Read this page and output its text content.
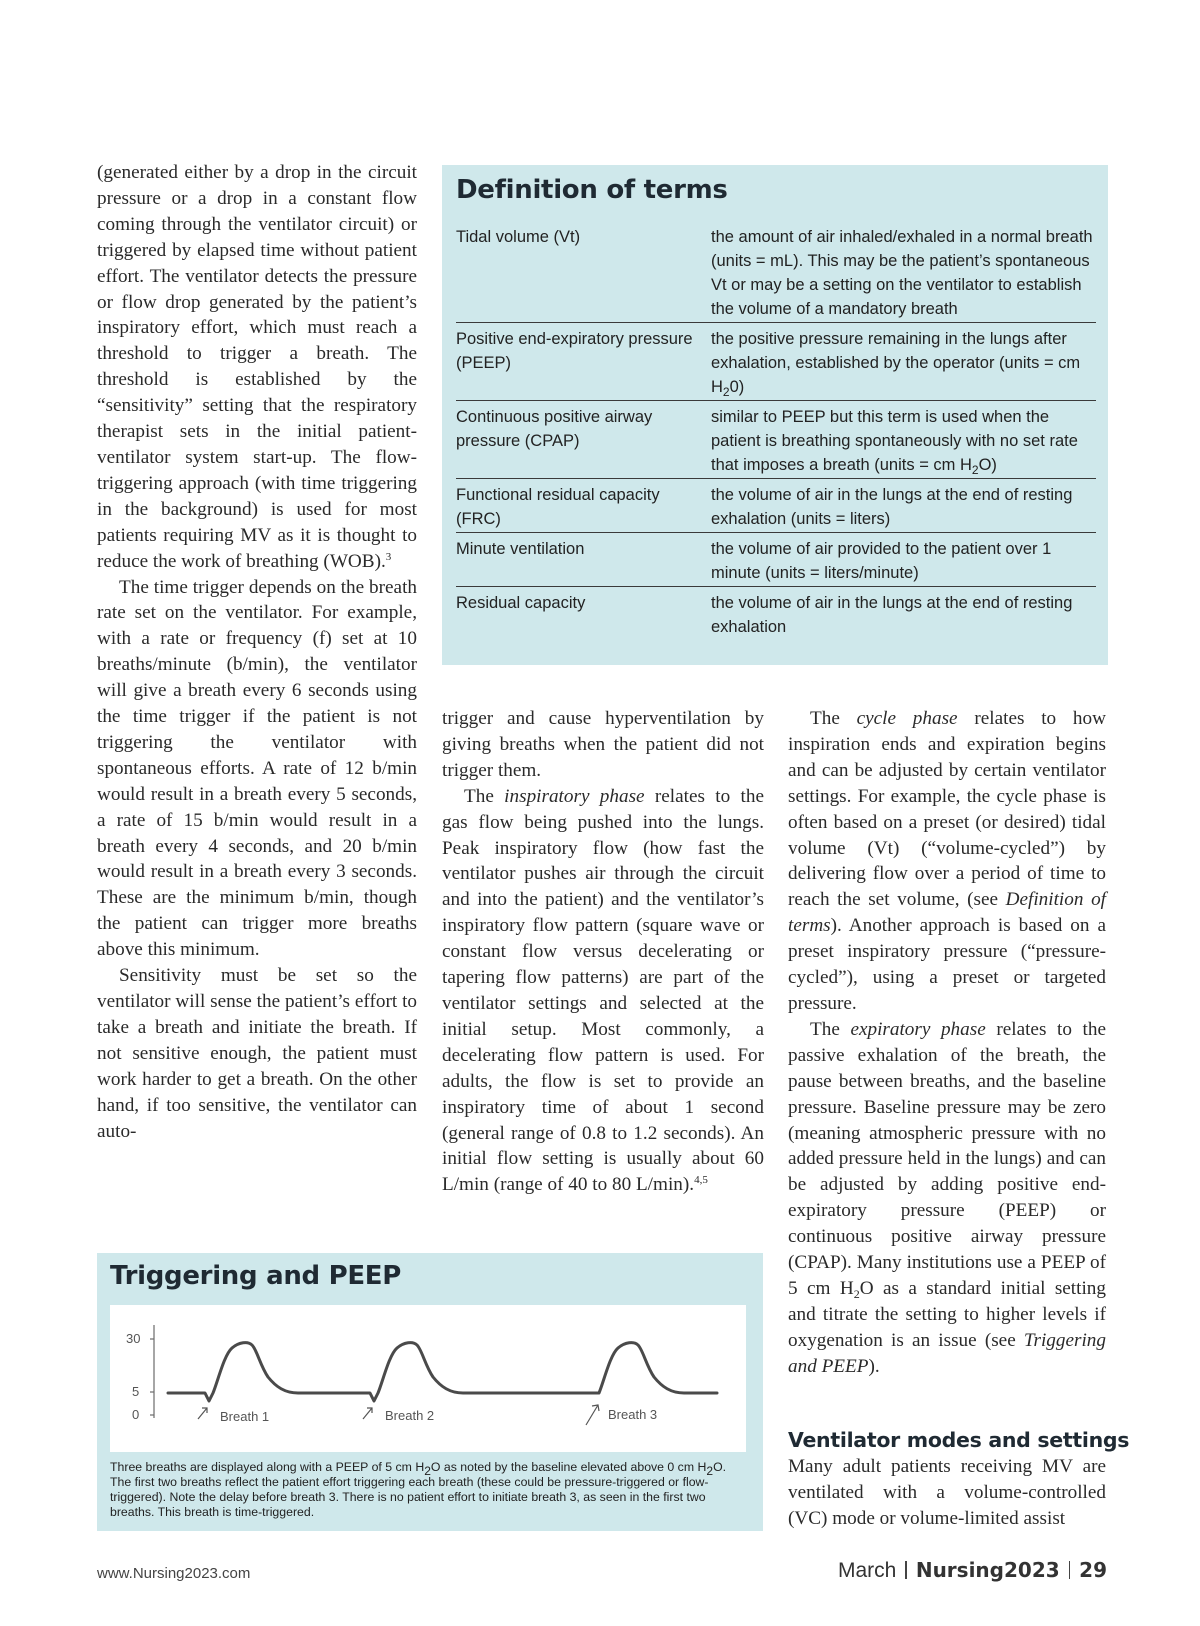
(generated either by a drop in the circuit pressure or a drop in a constant flow coming through the ventilator circuit) or triggered by elapsed time without patient effort. The ventilator detects the pressure or flow drop generated by the patient’s inspiratory effort, which must reach a threshold to trigger a breath. The threshold is established by the “sensitivity” setting that the respiratory therapist sets in the initial patient-ventilator system start-up. The flow-triggering approach (with time triggering in the background) is used for most patients requiring MV as it is thought to reduce the work of breathing (WOB).$^3$

The time trigger depends on the breath rate set on the ventilator. For example, with a rate or frequency (f) set at 10 breaths/minute (b/min), the ventilator will give a breath every 6 seconds using the time trigger if the patient is not triggering the ventilator with spontaneous efforts. A rate of 12 b/min would result in a breath every 5 seconds, a rate of 15 b/min would result in a breath every 4 seconds, and 20 b/min would result in a breath every 3 seconds. These are the minimum b/min, though the patient can trigger more breaths above this minimum.

Sensitivity must be set so the ventilator will sense the patient’s effort to take a breath and initiate the breath. If not sensitive enough, the patient must work harder to get a breath. On the other hand, if too sensitive, the ventilator can auto-

Definition of terms
Tidal volume (Vt)	the amount of air inhaled/exhaled in a normal breath (units = mL). This may be the patient’s spontaneous Vt or may be a setting on the ventilator to establish the volume of a mandatory breath
Positive end-expiratory pressure (PEEP)	the positive pressure remaining in the lungs after exhalation, established by the operator (units = cm $H_20$)
Continuous positive airway pressure (CPAP)	similar to PEEP but this term is used when the patient is breathing spontaneously with no set rate that imposes a breath (units = cm $H_2O$)
Functional residual capacity (FRC)	the volume of air in the lungs at the end of resting exhalation (units = liters)
Minute ventilation	the volume of air provided to the patient over 1 minute (units = liters/minute)
Residual capacity	the volume of air in the lungs at the end of resting exhalation

trigger and cause hyperventilation by giving breaths when the patient did not trigger them.

The inspiratory phase relates to the gas flow being pushed into the lungs. Peak inspiratory flow (how fast the ventilator pushes air through the circuit and into the patient) and the ventilator’s inspiratory flow pattern (square wave or constant flow versus decelerating or tapering flow patterns) are part of the ventilator settings and selected at the initial setup. Most commonly, a decelerating flow pattern is used. For adults, the flow is set to provide an inspiratory time of about 1 second (general range of 0.8 to 1.2 seconds). An initial flow setting is usually about 60 L/min (range of 40 to 80 L/min).$^{4,5}$

The cycle phase relates to how inspiration ends and expiration begins and can be adjusted by certain ventilator settings. For example, the cycle phase is often based on a preset (or desired) tidal volume (Vt) (“volume-cycled”) by delivering flow over a period of time to reach the set volume, (see Definition of terms). Another approach is based on a preset inspiratory pressure (“pressure-cycled”), using a preset or targeted pressure.

The expiratory phase relates to the passive exhalation of the breath, the pause between breaths, and the baseline pressure. Baseline pressure may be zero (meaning atmospheric pressure with no added pressure held in the lungs) and can be adjusted by adding positive end-expiratory pressure (PEEP) or continuous positive airway pressure (CPAP). Many institutions use a PEEP of 5 cm $H_2O$ as a standard initial setting and titrate the setting to higher levels if oxygenation is an issue (see Triggering and PEEP).

Ventilator modes and settings

Many adult patients receiving MV are ventilated with a volume-controlled (VC) mode or volume-limited assist

Triggering and PEEP
30
5
0	Breath 1	Breath 2	Breath 3
Three breaths are displayed along with a PEEP of 5 cm $H_2O$ as noted by the baseline elevated above 0 cm $H_2O$. The first two breaths reflect the patient effort triggering each breath (these could be pressure-triggered or flow-triggered). Note the delay before breath 3. There is no patient effort to initiate breath 3, as seen in the first two breaths. This breath is time-triggered.
www.Nursing2023.com	March Nursing2023 29
